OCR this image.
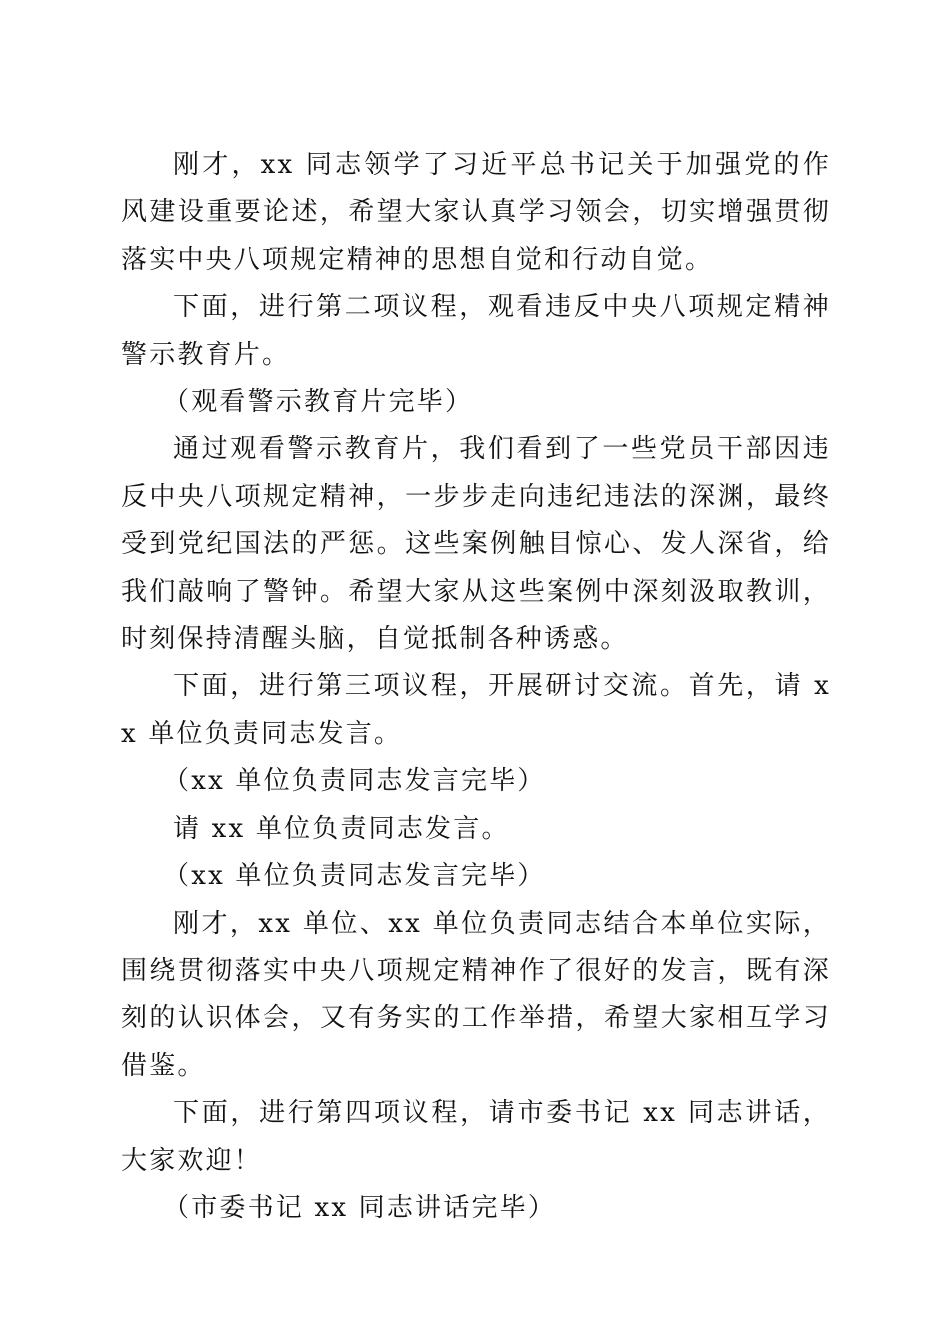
刚才，xx 同志领学了习近平总书记关于加强党的作风建设重要论述，希望大家认真学习领会，切实增强贯彻落实中央八项规定精神的思想自觉和行动自觉。

下面，进行第二项议程，观看违反中央八项规定精神警示教育片。

（观看警示教育片完毕）

通过观看警示教育片，我们看到了一些党员干部因违反中央八项规定精神，一步步走向违纪违法的深渊，最终受到党纪国法的严惩。这些案例触目惊心、发人深省，给我们敲响了警钟。希望大家从这些案例中深刻汲取教训，时刻保持清醒头脑，自觉抵制各种诱惑。

下面，进行第三项议程，开展研讨交流。首先，请 xx 单位负责同志发言。

（xx 单位负责同志发言完毕）

请 xx 单位负责同志发言。

（xx 单位负责同志发言完毕）

刚才，xx 单位、xx 单位负责同志结合本单位实际，围绕贯彻落实中央八项规定精神作了很好的发言，既有深刻的认识体会，又有务实的工作举措，希望大家相互学习借鉴。

下面，进行第四项议程，请市委书记 xx 同志讲话，大家欢迎！

（市委书记 xx 同志讲话完毕）
